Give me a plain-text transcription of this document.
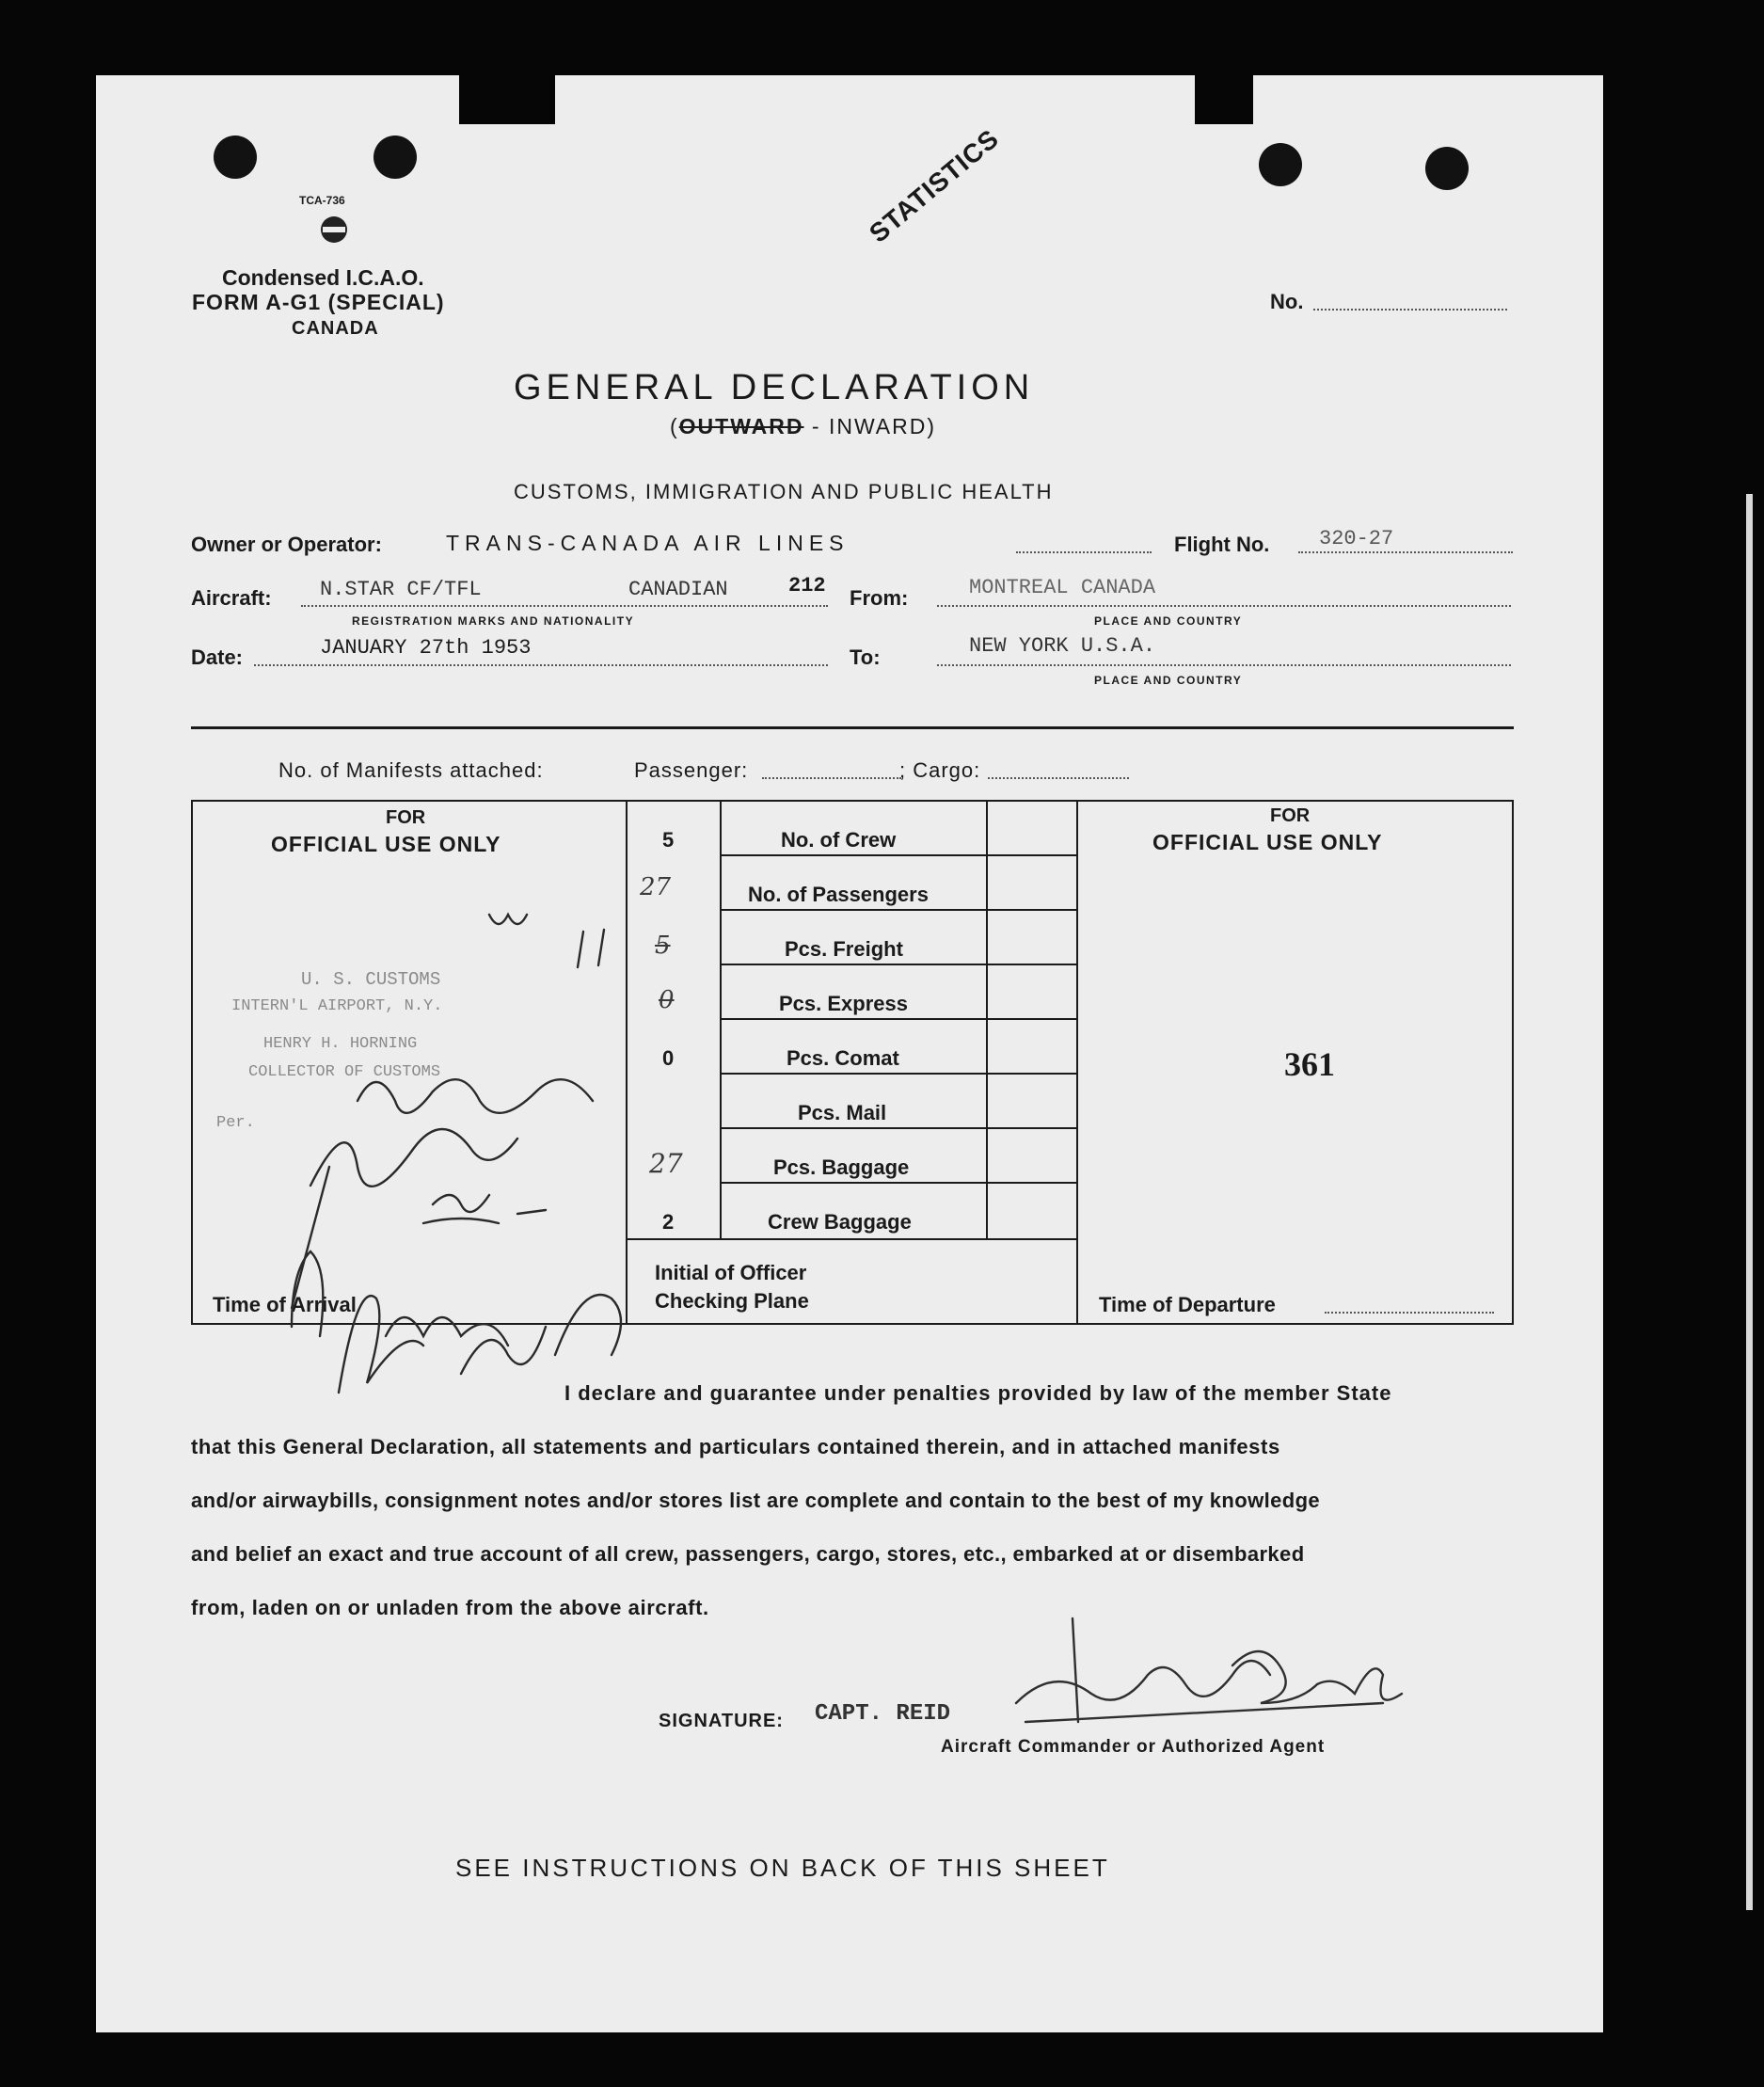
TCA-736
Condensed I.C.A.O.
FORM A-G1 (SPECIAL)
CANADA
STATISTICS
No.
GENERAL DECLARATION
(OUTWARD - INWARD)
CUSTOMS, IMMIGRATION AND PUBLIC HEALTH
Owner or Operator:	TRANS-CANADA AIR LINES	Flight No. 320-27
Aircraft: N.STAR CF/TFL	CANADIAN	212
REGISTRATION MARKS AND NATIONALITY
From:	MONTREAL CANADA
PLACE AND COUNTRY
Date:	JANUARY 27th 1953	To:	NEW YORK U.S.A.
PLACE AND COUNTRY
No. of Manifests attached:	Passenger:	; Cargo:
FOR
OFFICIAL USE ONLY
Time of Arrival
U. S. CUSTOMS
INTERN'L AIRPORT, N.Y.
HENRY H. HORNING
COLLECTOR OF CUSTOMS
Per.
5	No. of Crew
27	No. of Passengers
5	Pcs. Freight
0	Pcs. Express
0	Pcs. Comat
Pcs. Mail
27	Pcs. Baggage
2	Crew Baggage
Initial of Officer Checking Plane
FOR
OFFICIAL USE ONLY
361
Time of Departure
I declare and guarantee under penalties provided by law of the member State
that this General Declaration, all statements and particulars contained therein, and in attached manifests
and/or airwaybills, consignment notes and/or stores list are complete and contain to the best of my knowledge
and belief an exact and true account of all crew, passengers, cargo, stores, etc., embarked at or disembarked
from, laden on or unladen from the above aircraft.
SIGNATURE: CAPT. REID
Aircraft Commander or Authorized Agent
SEE INSTRUCTIONS ON BACK OF THIS SHEET
